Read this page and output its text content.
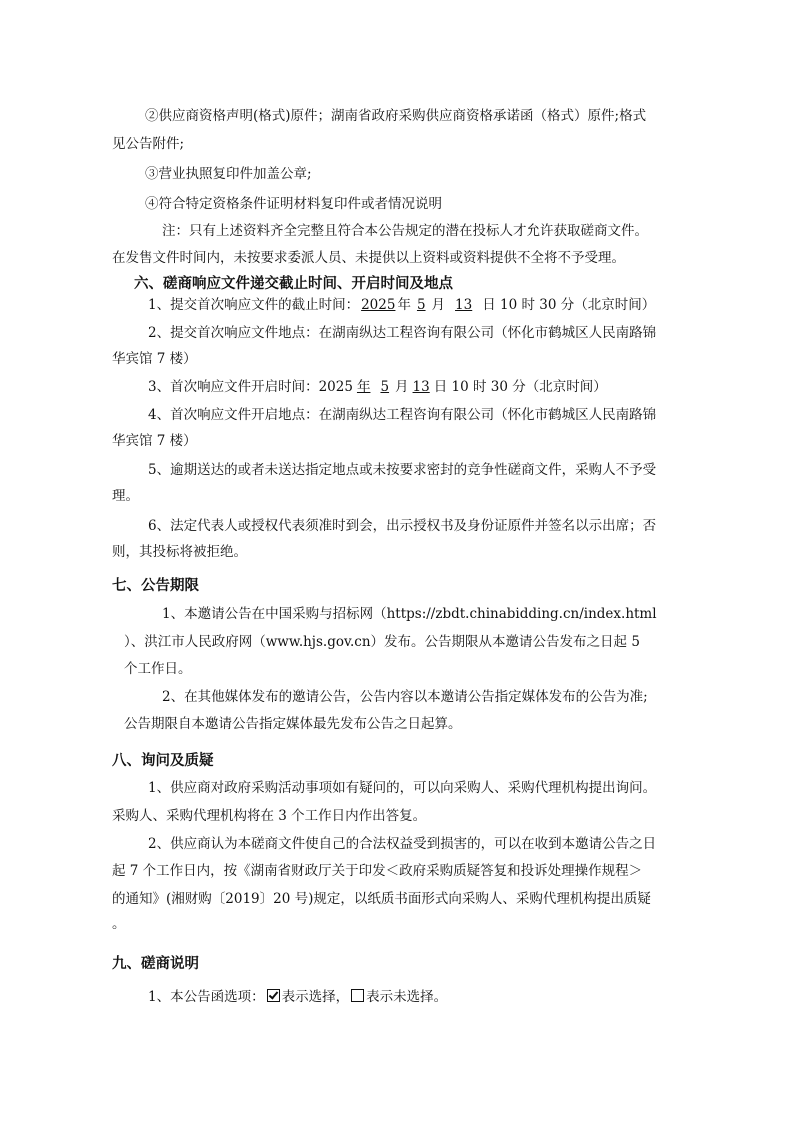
②供应商资格声明(格式)原件；湖南省政府采购供应商资格承诺函（格式）原件;格式

见公告附件;

③营业执照复印件加盖公章;

④符合特定资格条件证明材料复印件或者情况说明

注：只有上述资料齐全完整且符合本公告规定的潜在投标人才允许获取磋商文件。

在发售文件时间内，未按要求委派人员、未提供以上资料或资料提供不全将不予受理。

六、磋商响应文件递交截止时间、开启时间及地点

1、提交首次响应文件的截止时间： 2025 年 5 月 13 日 10 时 30 分（北京时间）

2、提交首次响应文件地点：在湖南纵达工程咨询有限公司（怀化市鹤城区人民南路锦

华宾馆 7 楼）

3、首次响应文件开启时间：2025 年 5 月 13 日 10 时 30 分（北京时间）

4、首次响应文件开启地点：在湖南纵达工程咨询有限公司（怀化市鹤城区人民南路锦

华宾馆 7 楼）

5、逾期送达的或者未送达指定地点或未按要求密封的竞争性磋商文件，采购人不予受

理。

6、法定代表人或授权代表须准时到会，出示授权书及身份证原件并签名以示出席；否

则，其投标将被拒绝。

七、公告期限

1、本邀请公告在中国采购与招标网（https://zbdt.chinabidding.cn/index.html

）、洪江市人民政府网（www.hjs.gov.cn）发布。公告期限从本邀请公告发布之日起 5

个工作日。

2、在其他媒体发布的邀请公告，公告内容以本邀请公告指定媒体发布的公告为准;

公告期限自本邀请公告指定媒体最先发布公告之日起算。

八、询问及质疑

1、供应商对政府采购活动事项如有疑问的，可以向采购人、采购代理机构提出询问。

采购人、采购代理机构将在 3 个工作日内作出答复。

2、供应商认为本磋商文件使自己的合法权益受到损害的，可以在收到本邀请公告之日

起 7 个工作日内，按《湖南省财政厅关于印发＜政府采购质疑答复和投诉处理操作规程＞

的通知》(湘财购〔2019〕20 号)规定，以纸质书面形式向采购人、采购代理机构提出质疑

。

九、磋商说明

1、本公告函选项： 表示选择， 表示未选择。
